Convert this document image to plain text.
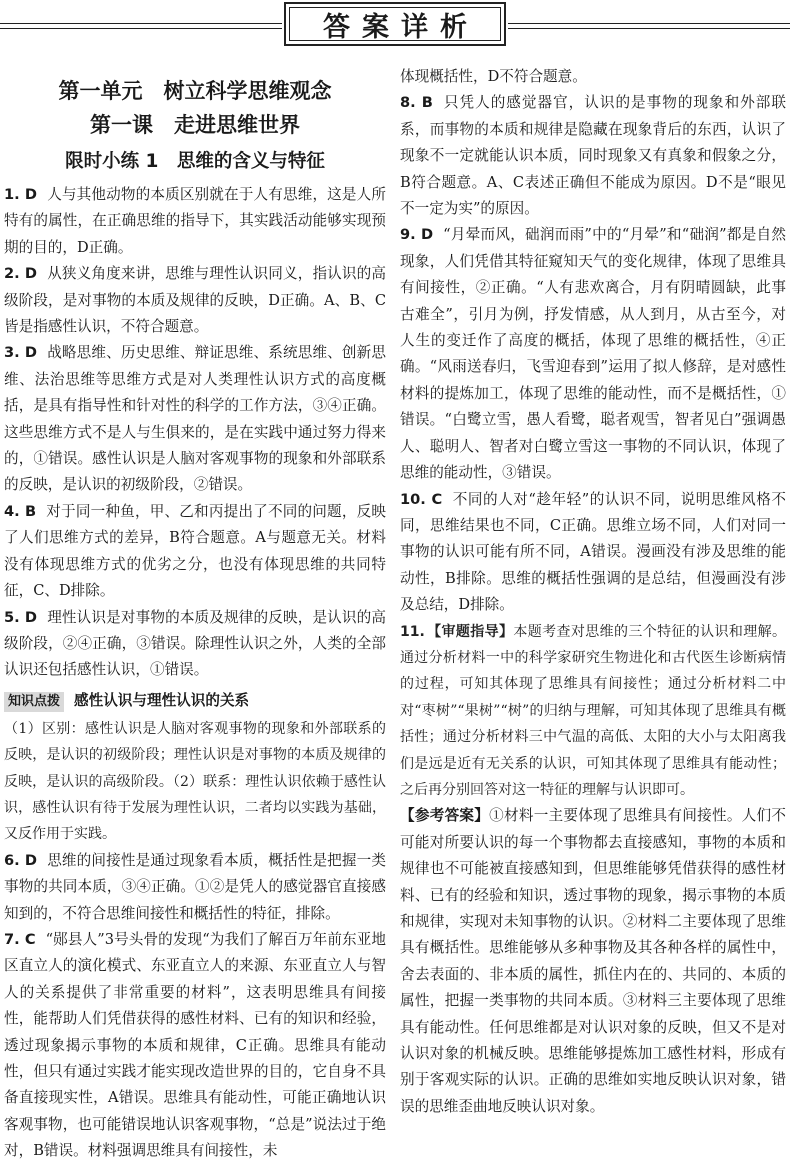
答案详析
第一单元　树立科学思维观念
第一课　走进思维世界
限时小练 1　思维的含义与特征

1. D 人与其他动物的本质区别就在于人有思维，这是人所特有的属性，在正确思维的指导下，其实践活动能够实现预期的目的，D正确。

2. D 从狭义角度来讲，思维与理性认识同义，指认识的高级阶段，是对事物的本质及规律的反映，D正确。A、B、C皆是指感性认识，不符合题意。

3. D 战略思维、历史思维、辩证思维、系统思维、创新思维、法治思维等思维方式是对人类理性认识方式的高度概括，是具有指导性和针对性的科学的工作方法，③④正确。这些思维方式不是人与生俱来的，是在实践中通过努力得来的，①错误。感性认识是人脑对客观事物的现象和外部联系的反映，是认识的初级阶段，②错误。

4. B 对于同一种鱼，甲、乙和丙提出了不同的问题，反映了人们思维方式的差异，B符合题意。A与题意无关。材料没有体现思维方式的优劣之分，也没有体现思维的共同特征，C、D排除。

5. D 理性认识是对事物的本质及规律的反映，是认识的高级阶段，②④正确，③错误。除理性认识之外，人类的全部认识还包括感性认识，①错误。

知识点拨 感性认识与理性认识的关系

（1）区别：感性认识是人脑对客观事物的现象和外部联系的反映，是认识的初级阶段；理性认识是对事物的本质及规律的反映，是认识的高级阶段。（2）联系：理性认识依赖于感性认识，感性认识有待于发展为理性认识，二者均以实践为基础，又反作用于实践。

6. D 思维的间接性是通过现象看本质，概括性是把握一类事物的共同本质，③④正确。①②是凭人的感觉器官直接感知到的，不符合思维间接性和概括性的特征，排除。

7. C “郧县人”3号头骨的发现“为我们了解百万年前东亚地区直立人的演化模式、东亚直立人的来源、东亚直立人与智人的关系提供了非常重要的材料”，这表明思维具有间接性，能帮助人们凭借获得的感性材料、已有的知识和经验，透过现象揭示事物的本质和规律，C正确。思维具有能动性，但只有通过实践才能实现改造世界的目的，它自身不具备直接现实性，A错误。思维具有能动性，可能正确地认识客观事物，也可能错误地认识客观事物，“总是”说法过于绝对，B错误。材料强调思维具有间接性，未

体现概括性，D不符合题意。

8. B 只凭人的感觉器官，认识的是事物的现象和外部联系，而事物的本质和规律是隐藏在现象背后的东西，认识了现象不一定就能认识本质，同时现象又有真象和假象之分，B符合题意。A、C表述正确但不能成为原因。D不是“眼见不一定为实”的原因。

9. D “月晕而风，础润而雨”中的“月晕”和“础润”都是自然现象，人们凭借其特征窥知天气的变化规律，体现了思维具有间接性，②正确。“人有悲欢离合，月有阴晴圆缺，此事古难全”，引月为例，抒发情感，从人到月，从古至今，对人生的变迁作了高度的概括，体现了思维的概括性，④正确。“风雨送春归，飞雪迎春到”运用了拟人修辞，是对感性材料的提炼加工，体现了思维的能动性，而不是概括性，①错误。“白鹭立雪，愚人看鹭，聪者观雪，智者见白”强调愚人、聪明人、智者对白鹭立雪这一事物的不同认识，体现了思维的能动性，③错误。

10. C 不同的人对“趁年轻”的认识不同，说明思维风格不同，思维结果也不同，C正确。思维立场不同，人们对同一事物的认识可能有所不同，A错误。漫画没有涉及思维的能动性，B排除。思维的概括性强调的是总结，但漫画没有涉及总结，D排除。

11. 【审题指导】本题考查对思维的三个特征的认识和理解。通过分析材料一中的科学家研究生物进化和古代医生诊断病情的过程，可知其体现了思维具有间接性；通过分析材料二中对“枣树”“果树”“树”的归纳与理解，可知其体现了思维具有概括性；通过分析材料三中气温的高低、太阳的大小与太阳离我们是远是近有无关系的认识，可知其体现了思维具有能动性；之后再分别回答对这一特征的理解与认识即可。

【参考答案】①材料一主要体现了思维具有间接性。人们不可能对所要认识的每一个事物都去直接感知，事物的本质和规律也不可能被直接感知到，但思维能够凭借获得的感性材料、已有的经验和知识，透过事物的现象，揭示事物的本质和规律，实现对未知事物的认识。②材料二主要体现了思维具有概括性。思维能够从多种事物及其各种各样的属性中，舍去表面的、非本质的属性，抓住内在的、共同的、本质的属性，把握一类事物的共同本质。③材料三主要体现了思维具有能动性。任何思维都是对认识对象的反映，但又不是对认识对象的机械反映。思维能够提炼加工感性材料，形成有别于客观实际的认识。正确的思维如实地反映认识对象，错误的思维歪曲地反映认识对象。
